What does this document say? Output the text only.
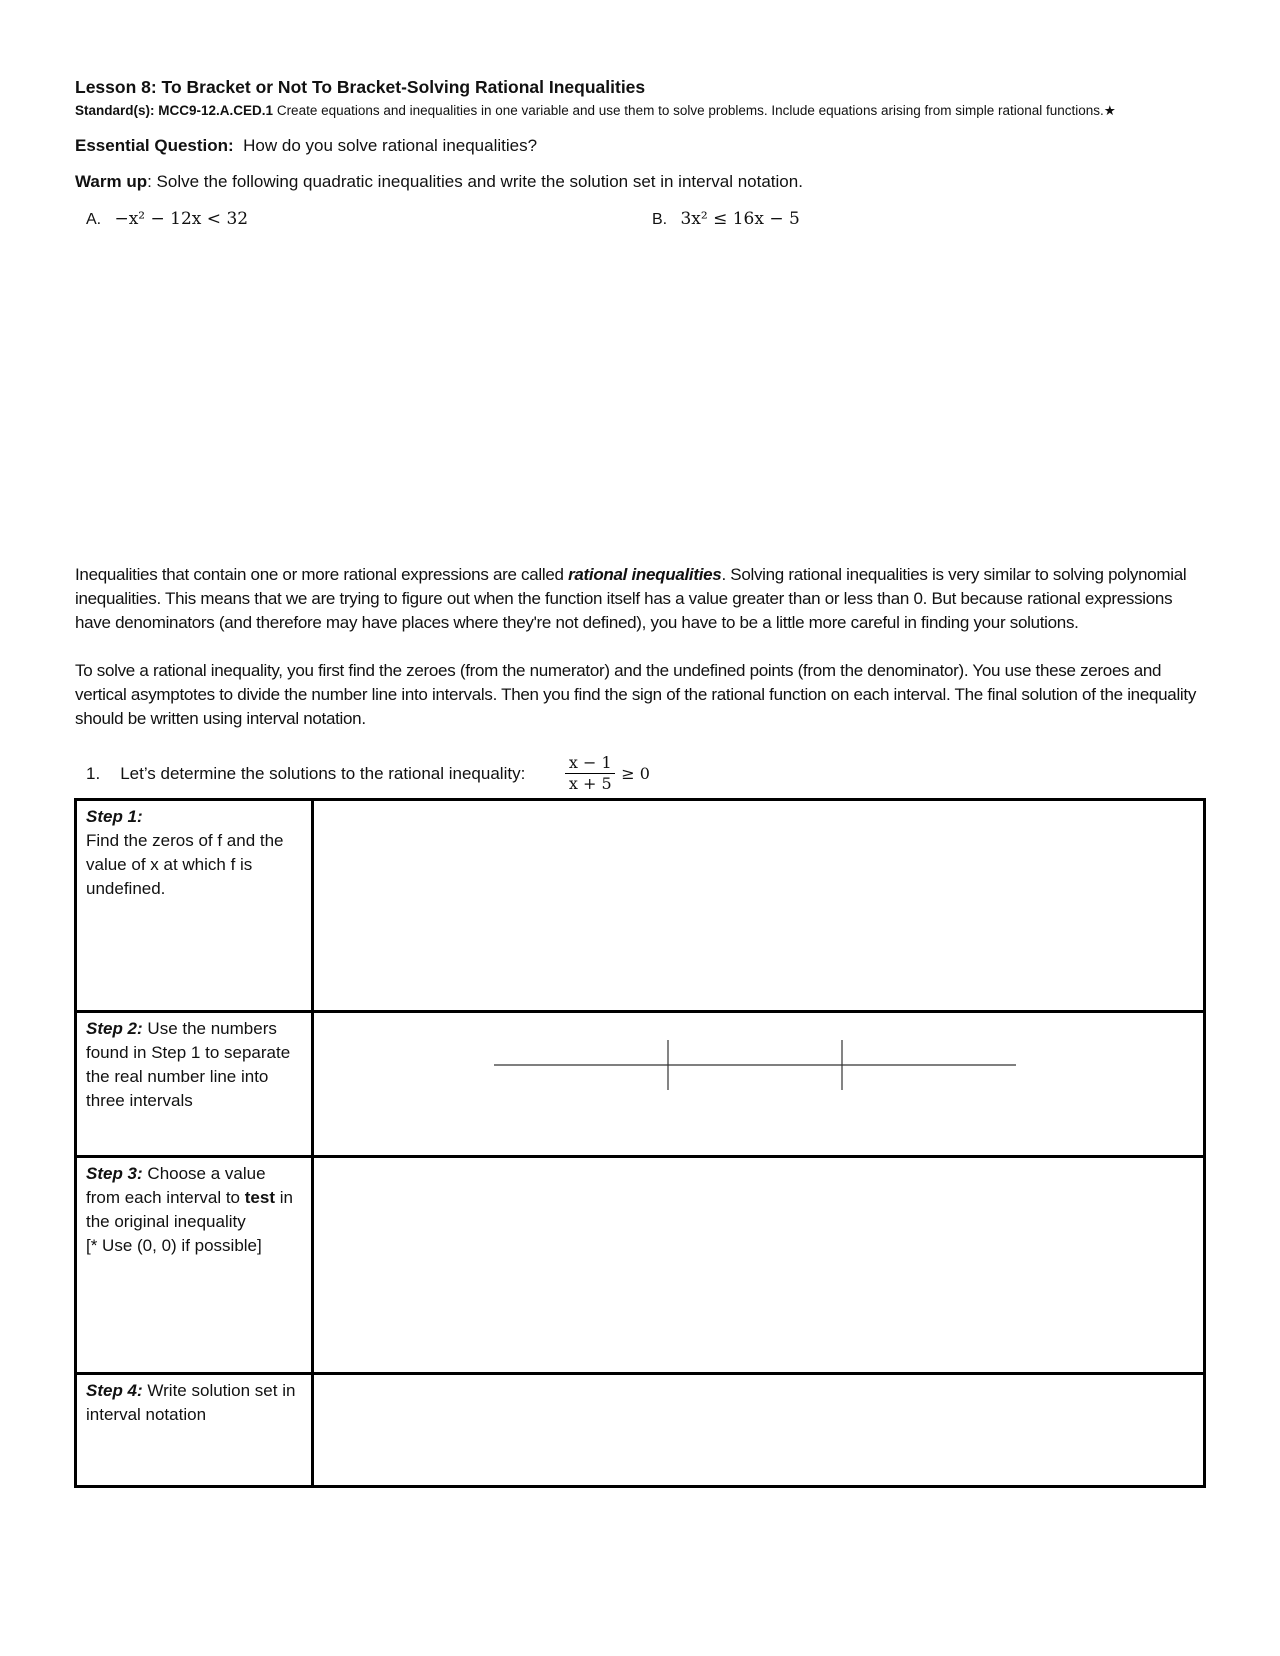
Lesson 8: To Bracket or Not To Bracket-Solving Rational Inequalities
Standard(s): MCC9-12.A.CED.1 Create equations and inequalities in one variable and use them to solve problems. Include equations arising from simple rational functions.★
Essential Question: How do you solve rational inequalities?
Warm up: Solve the following quadratic inequalities and write the solution set in interval notation.
A. −x² − 12x < 32	B. 3x² ≤ 16x − 5
Inequalities that contain one or more rational expressions are called rational inequalities. Solving rational inequalities is very similar to solving polynomial inequalities. This means that we are trying to figure out when the function itself has a value greater than or less than 0. But because rational expressions have denominators (and therefore may have places where they're not defined), you have to be a little more careful in finding your solutions.
To solve a rational inequality, you first find the zeroes (from the numerator) and the undefined points (from the denominator). You use these zeroes and vertical asymptotes to divide the number line into intervals. Then you find the sign of the rational function on each interval. The final solution of the inequality should be written using interval notation.
1. Let’s determine the solutions to the rational inequality:
x − 1
x + 5
≥ 0
Step 1:
Find the zeros of f and the value of x at which f is undefined.	
Step 2: Use the numbers found in Step 1 to separate the real number line into three intervals	

Step 3: Choose a value from each interval to test in the original inequality
[* Use (0, 0) if possible]	
Step 4: Write solution set in interval notation	
